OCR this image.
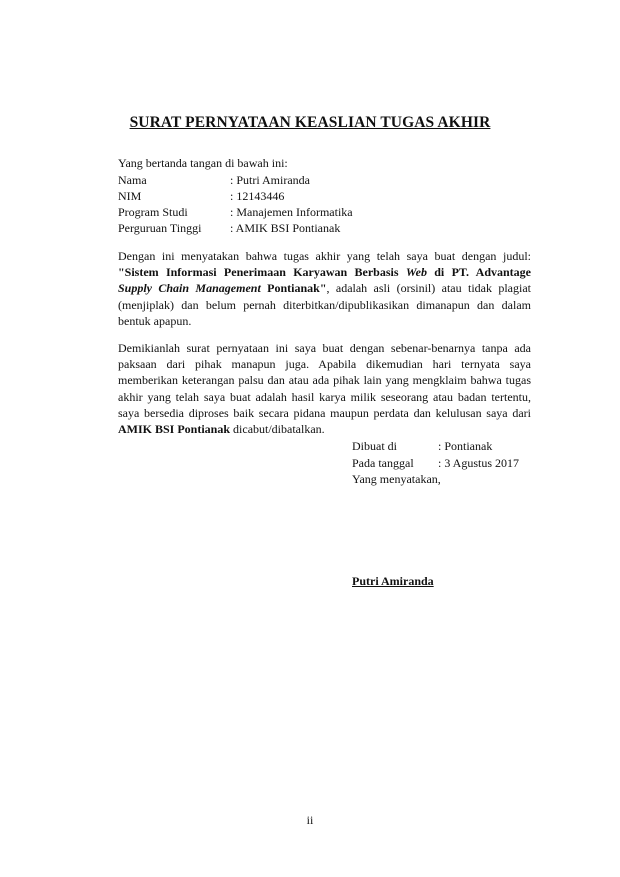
SURAT PERNYATAAN KEASLIAN TUGAS AKHIR
Yang bertanda tangan di bawah ini:
Nama	: Putri Amiranda
NIM	: 12143446
Program Studi	: Manajemen Informatika
Perguruan Tinggi : AMIK BSI Pontianak

Dengan ini menyatakan bahwa tugas akhir yang telah saya buat dengan judul: "Sistem Informasi Penerimaan Karyawan Berbasis Web di PT. Advantage Supply Chain Management Pontianak", adalah asli (orsinil) atau tidak plagiat (menjiplak) dan belum pernah diterbitkan/dipublikasikan dimanapun dan dalam bentuk apapun.

Demikianlah surat pernyataan ini saya buat dengan sebenar-benarnya tanpa ada paksaan dari pihak manapun juga. Apabila dikemudian hari ternyata saya memberikan keterangan palsu dan atau ada pihak lain yang mengklaim bahwa tugas akhir yang telah saya buat adalah hasil karya milik seseorang atau badan tertentu, saya bersedia diproses baik secara pidana maupun perdata dan kelulusan saya dari AMIK BSI Pontianak dicabut/dibatalkan.

Dibuat di	: Pontianak
Pada tanggal : 3 Agustus 2017
Yang menyatakan,
Putri Amiranda
ii
